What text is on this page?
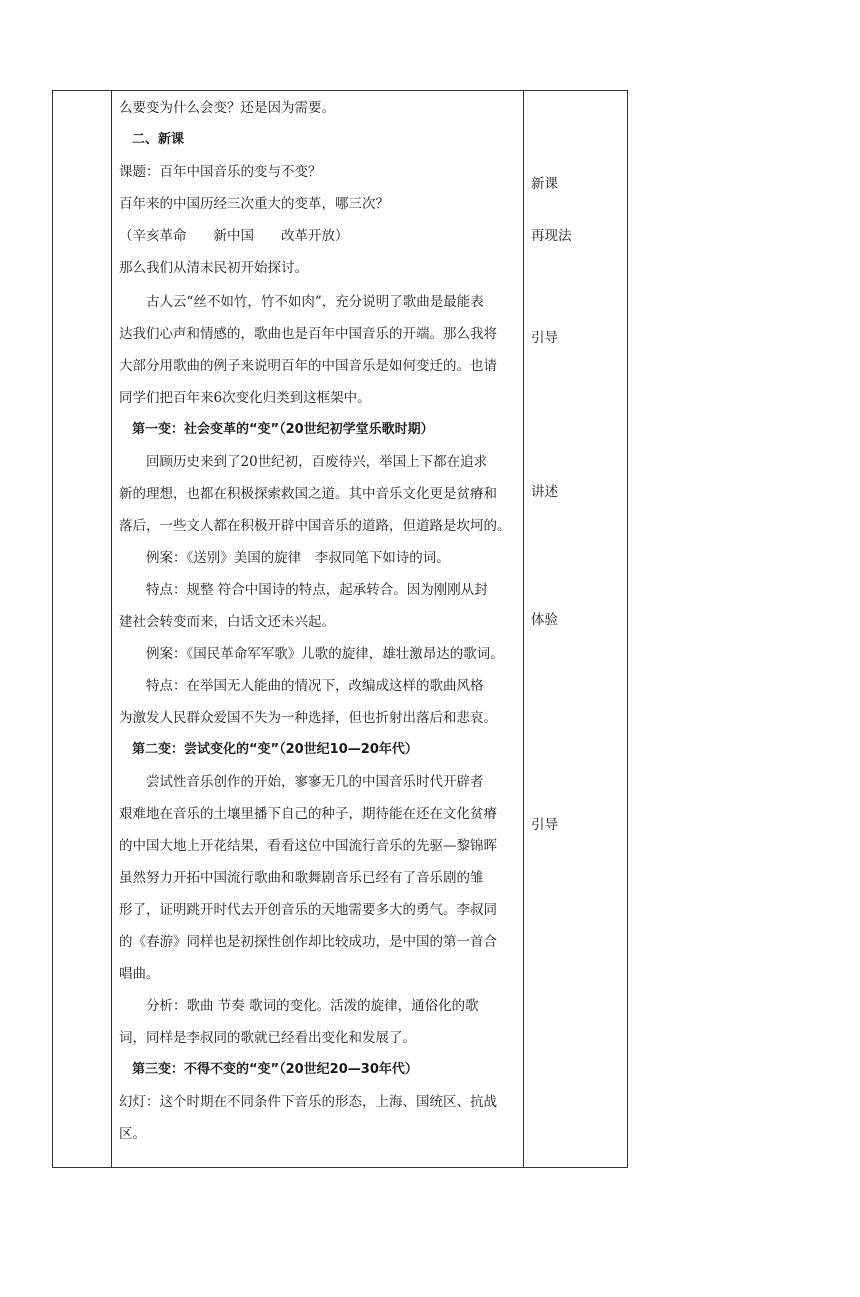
么要变为什么会变？还是因为需要。
二、新课
课题：百年中国音乐的变与不变？
百年来的中国历经三次重大的变革，哪三次？
（辛亥革命　　新中国　　改革开放）
那么我们从清末民初开始探讨。
古人云“丝不如竹，竹不如肉”，充分说明了歌曲是最能表
达我们心声和情感的，歌曲也是百年中国音乐的开端。那么我将
大部分用歌曲的例子来说明百年的中国音乐是如何变迁的。也请
同学们把百年来6次变化归类到这框架中。
第一变：社会变革的“变”（20世纪初学堂乐歌时期）
回顾历史来到了20世纪初，百废待兴，举国上下都在追求
新的理想，也都在积极探索救国之道。其中音乐文化更是贫瘠和
落后，一些文人都在积极开辟中国音乐的道路，但道路是坎坷的。
例案：《送别》美国的旋律　李叔同笔下如诗的词。
特点：规整 符合中国诗的特点，起承转合。因为刚刚从封
建社会转变而来，白话文还未兴起。
例案：《国民革命军军歌》儿歌的旋律，雄壮激昂达的歌词。
特点：在举国无人能曲的情况下，改编成这样的歌曲风格
为激发人民群众爱国不失为一种选择，但也折射出落后和悲哀。
第二变：尝试变化的“变”（20世纪10—20年代）
尝试性音乐创作的开始，寥寥无几的中国音乐时代开辟者
艰难地在音乐的土壤里播下自己的种子，期待能在还在文化贫瘠
的中国大地上开花结果，看看这位中国流行音乐的先驱—黎锦晖
虽然努力开拓中国流行歌曲和歌舞剧音乐已经有了音乐剧的雏
形了，证明跳开时代去开创音乐的天地需要多大的勇气。李叔同
的《春游》同样也是初探性创作却比较成功，是中国的第一首合
唱曲。
分析：歌曲 节奏 歌词的变化。活泼的旋律，通俗化的歌
词，同样是李叔同的歌就已经看出变化和发展了。
第三变：不得不变的“变”（20世纪20—30年代）
幻灯：这个时期在不同条件下音乐的形态，上海、国统区、抗战
区。
新课
再现法
引导
讲述
体验
引导
